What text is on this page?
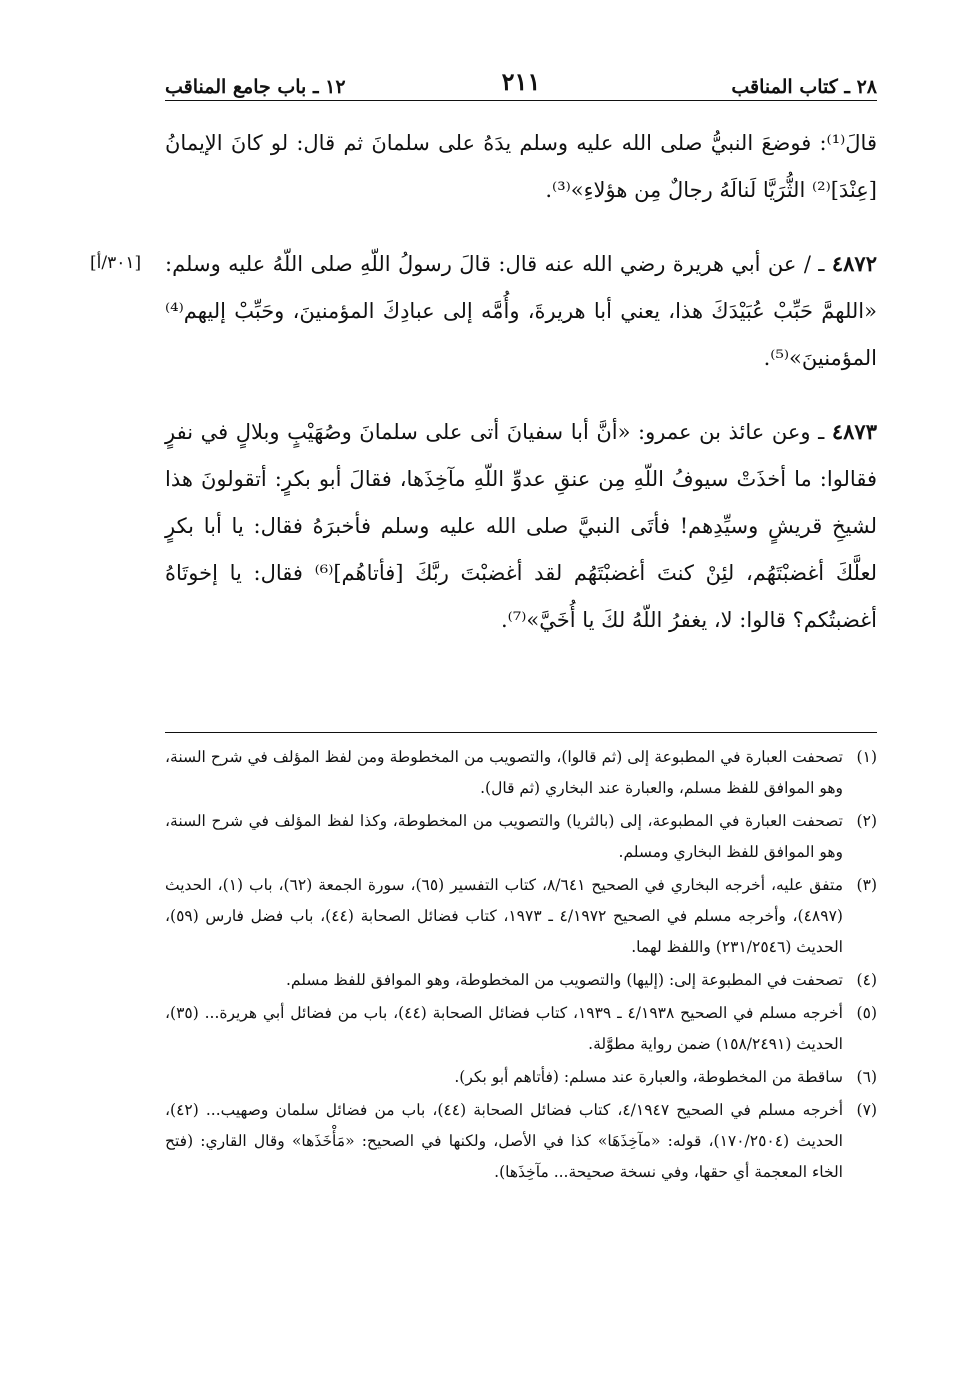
٢٨ ـ كتاب المناقب
٢١١
١٢ ـ باب جامع المناقب

قالَ⁽¹⁾: فوضعَ النبيُّ صلى الله عليه وسلم يدَهُ على سلمانَ ثم قال: لو كانَ الإيمانُ [عِنْدَ]⁽²⁾ الثُّرَيَّا لَنالَهُ رجالٌ مِن هؤلاءِ»⁽³⁾.

٤٨٧٢ ـ / عن أبي هريرة رضي الله عنه قال: قالَ رسولُ اللّهِ صلى اللّهُ عليه وسلم: «اللهمَّ حَبِّبْ عُبَيْدَكَ هذا، يعني أبا هريرةَ، وأُمَّه إلى عبادِكَ المؤمنينَ، وحَبِّبْ إليهم⁽⁴⁾ المؤمنينَ»⁽⁵⁾.

٤٨٧٣ ـ وعن عائذ بن عمرو: «أنَّ أبا سفيانَ أتى على سلمانَ وصُهَيْبٍ وبلالٍ في نفرٍ فقالوا: ما أخذَتْ سيوفُ اللّهِ مِن عنقِ عدوِّ اللّهِ مآخِذَها، فقالَ أبو بكرٍ: أتقولونَ هذا لشيخِ قريشٍ وسيِّدِهم! فأتَى النبيَّ صلى الله عليه وسلم فأخبرَهُ فقال: يا أبا بكرٍ لعلَّكَ أغضبْتَهُم، لئِنْ كنتَ أغضبْتَهُم لقد أغضبْتَ ربَّكَ [فأتاهُم]⁽⁶⁾ فقال: يا إخوتَاهُ أغضبتُكم؟ قالوا: لا، يغفرُ اللّهُ لكَ يا أُخَيَّ»⁽⁷⁾.

[٣٠١/أ]
(١)
تصحفت العبارة في المطبوعة إلى (ثم قالوا)، والتصويب من المخطوطة ومن لفظ المؤلف في شرح السنة، وهو الموافق للفظ مسلم، والعبارة عند البخاري (ثم قال).
(٢)
تصحفت العبارة في المطبوعة، إلى (بالثريا) والتصويب من المخطوطة، وكذا لفظ المؤلف في شرح السنة، وهو الموافق للفظ البخاري ومسلم.
(٣)
متفق عليه، أخرجه البخاري في الصحيح ٨/٦٤١، كتاب التفسير (٦٥)، سورة الجمعة (٦٢)، باب (١)، الحديث (٤٨٩٧)، وأخرجه مسلم في الصحيح ٤/١٩٧٢ ـ ١٩٧٣، كتاب فضائل الصحابة (٤٤)، باب فضل فارس (٥٩)، الحديث (٢٣١/٢٥٤٦) واللفظ لهما.
(٤)
تصحفت في المطبوعة إلى: (إليها) والتصويب من المخطوطة، وهو الموافق للفظ مسلم.
(٥)
أخرجه مسلم في الصحيح ٤/١٩٣٨ ـ ١٩٣٩، كتاب فضائل الصحابة (٤٤)، باب من فضائل أبي هريرة... (٣٥)، الحديث (١٥٨/٢٤٩١) ضمن رواية مطوَّلة.
(٦)
ساقطة من المخطوطة، والعبارة عند مسلم: (فأتاهم أبو بكر).
(٧)
أخرجه مسلم في الصحيح ٤/١٩٤٧، كتاب فضائل الصحابة (٤٤)، باب من فضائل سلمان وصهيب... (٤٢)، الحديث (١٧٠/٢٥٠٤)، قوله: «مآخِذَهَا» كذا في الأصل، ولكنها في الصحيح: «مَأْخَذَها» وقال القاري: (فتح الخاء المعجمة أي حقها، وفي نسخة صحيحة... مآخِذَها).
